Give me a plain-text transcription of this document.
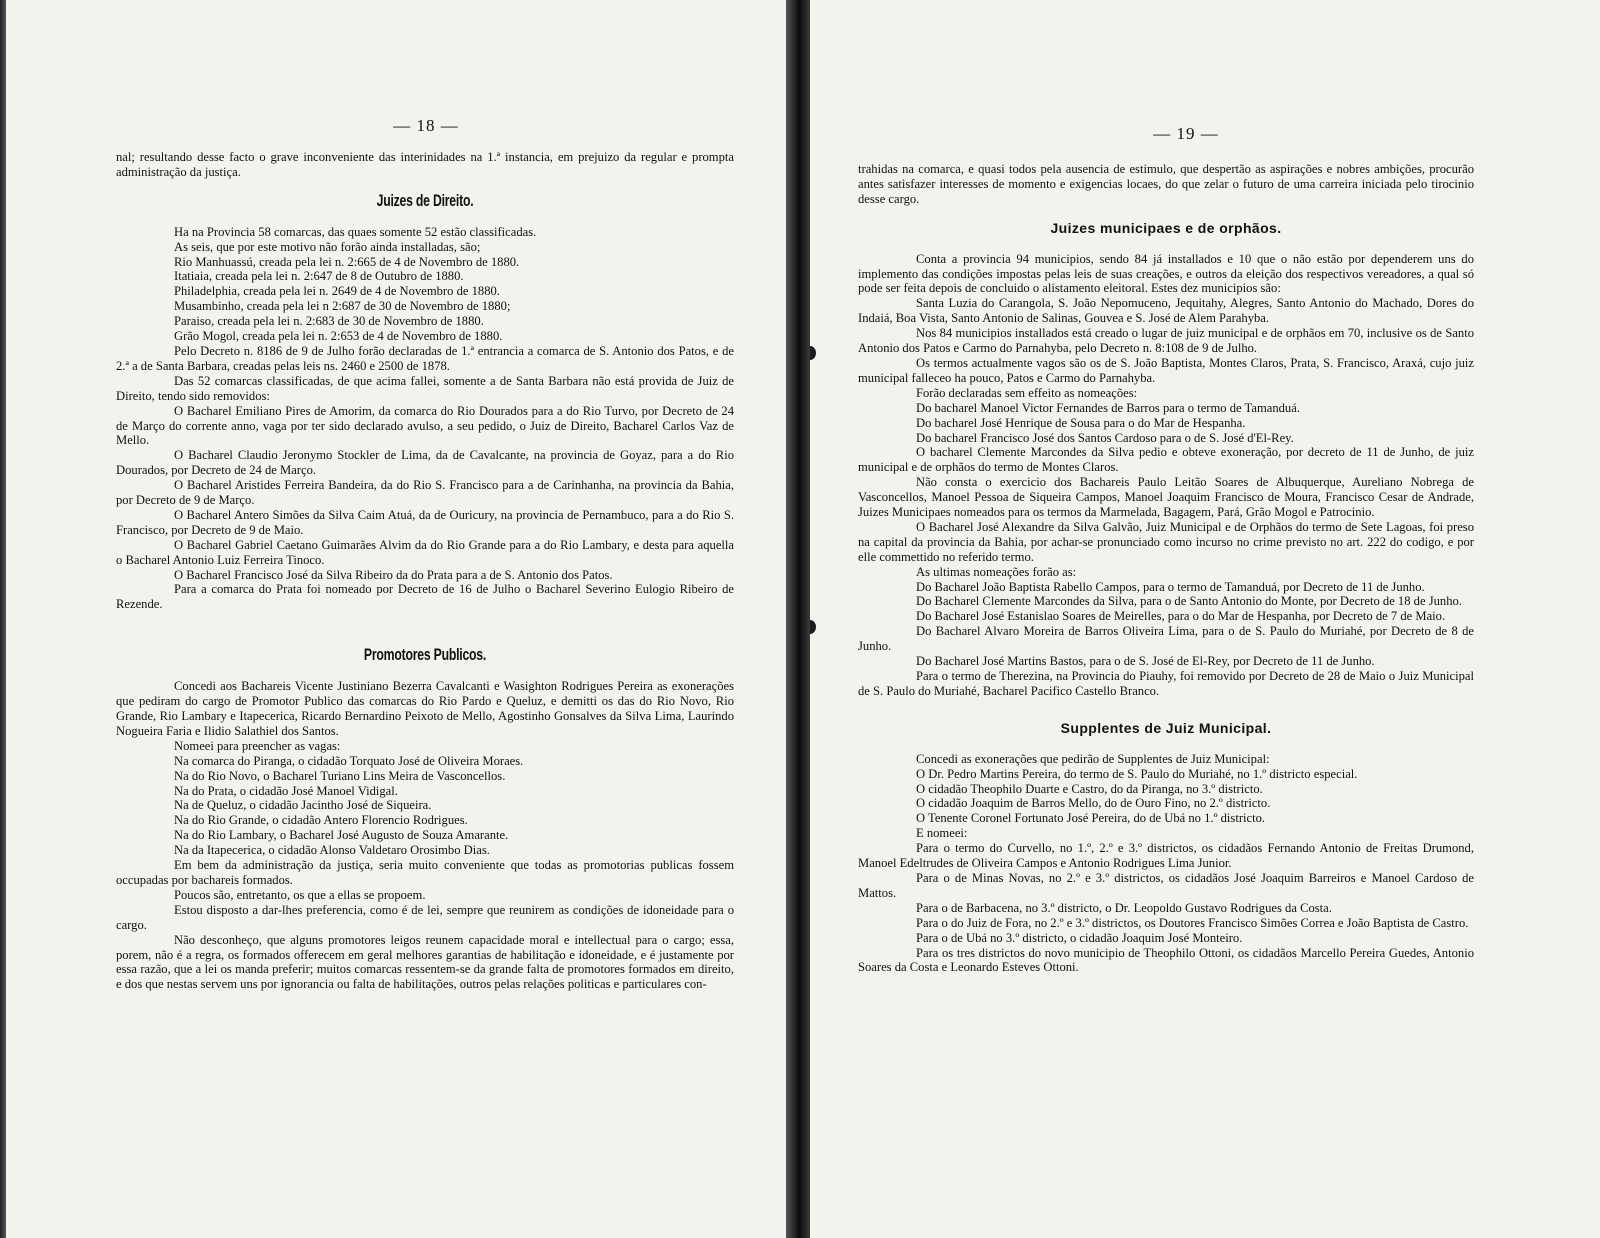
— 18 —

nal; resultando desse facto o grave inconveniente das interinidades na 1.ª instancia, em prejuizo da regular e prompta administração da justiça.

Juizes de Direito.

Ha na Provincia 58 comarcas, das quaes somente 52 estão classificadas.

As seis, que por este motivo não forão ainda installadas, são;

Rio Manhuassú, creada pela lei n. 2:665 de 4 de Novembro de 1880.

Itatiaia, creada pela lei n. 2:647 de 8 de Outubro de 1880.

Philadelphia, creada pela lei n. 2649 de 4 de Novembro de 1880.

Musambinho, creada pela lei n 2:687 de 30 de Novembro de 1880;

Paraiso, creada pela lei n. 2:683 de 30 de Novembro de 1880.

Grão Mogol, creada pela lei n. 2:653 de 4 de Novembro de 1880.

Pelo Decreto n. 8186 de 9 de Julho forão declaradas de 1.ª entrancia a comarca de S. Antonio dos Patos, e de 2.ª a de Santa Barbara, creadas pelas leis ns. 2460 e 2500 de 1878.

Das 52 comarcas classificadas, de que acima fallei, somente a de Santa Barbara não está provida de Juiz de Direito, tendo sido removidos:

O Bacharel Emiliano Pires de Amorim, da comarca do Rio Dourados para a do Rio Turvo, por Decreto de 24 de Março do corrente anno, vaga por ter sido declarado avulso, a seu pedido, o Juiz de Direito, Bacharel Carlos Vaz de Mello.

O Bacharel Claudio Jeronymo Stockler de Lima, da de Cavalcante, na provincia de Goyaz, para a do Rio Dourados, por Decreto de 24 de Março.

O Bacharel Aristides Ferreira Bandeira, da do Rio S. Francisco para a de Carinhanha, na provincia da Bahia, por Decreto de 9 de Março.

O Bacharel Antero Simões da Silva Caim Atuá, da de Ouricury, na provincia de Pernambuco, para a do Rio S. Francisco, por Decreto de 9 de Maio.

O Bacharel Gabriel Caetano Guimarães Alvim da do Rio Grande para a do Rio Lambary, e desta para aquella o Bacharel Antonio Luiz Ferreira Tinoco.

O Bacharel Francisco José da Silva Ribeiro da do Prata para a de S. Antonio dos Patos.

Para a comarca do Prata foi nomeado por Decreto de 16 de Julho o Bacharel Severino Eulogio Ribeiro de Rezende.

Promotores Publicos.

Concedi aos Bachareis Vicente Justiniano Bezerra Cavalcanti e Wasighton Rodrigues Pereira as exonerações que pediram do cargo de Promotor Publico das comarcas do Rio Pardo e Queluz, e demitti os das do Rio Novo, Rio Grande, Rio Lambary e Itapecerica, Ricardo Bernardino Peixoto de Mello, Agostinho Gonsalves da Silva Lima, Laurindo Nogueira Faria e Ilidio Salathiel dos Santos.

Nomeei para preencher as vagas:

Na comarca do Piranga, o cidadão Torquato José de Oliveira Moraes.

Na do Rio Novo, o Bacharel Turiano Lins Meira de Vasconcellos.

Na do Prata, o cidadão José Manoel Vidigal.

Na de Queluz, o cidadão Jacintho José de Siqueira.

Na do Rio Grande, o cidadão Antero Florencio Rodrigues.

Na do Rio Lambary, o Bacharel José Augusto de Souza Amarante.

Na da Itapecerica, o cidadão Alonso Valdetaro Orosimbo Dias.

Em bem da administração da justiça, seria muito conveniente que todas as promotorias publicas fossem occupadas por bachareis formados.

Poucos são, entretanto, os que a ellas se propoem.

Estou disposto a dar-lhes preferencia, como é de lei, sempre que reunirem as condições de idoneidade para o cargo.

Não desconheço, que alguns promotores leigos reunem capacidade moral e intellectual para o cargo; essa, porem, não é a regra, os formados offerecem em geral melhores garantias de habilitação e idoneidade, e é justamente por essa razão, que a lei os manda preferir; muitos comarcas ressentem-se da grande falta de promotores formados em direito, e dos que nestas servem uns por ignorancia ou falta de habilitações, outros pelas relações politicas e particulares con-

— 19 —

trahidas na comarca, e quasi todos pela ausencia de estimulo, que despertão as aspirações e nobres ambições, procurão antes satisfazer interesses de momento e exigencias locaes, do que zelar o futuro de uma carreira iniciada pelo tirocinio desse cargo.

Juizes municipaes e de orphãos.

Conta a provincia 94 municipios, sendo 84 já installados e 10 que o não estão por dependerem uns do implemento das condições impostas pelas leis de suas creações, e outros da eleição dos respectivos vereadores, a qual só pode ser feita depois de concluido o alistamento eleitoral. Estes dez municipios são:

Santa Luzia do Carangola, S. João Nepomuceno, Jequitahy, Alegres, Santo Antonio do Machado, Dores do Indaiá, Boa Vista, Santo Antonio de Salinas, Gouvea e S. José de Alem Parahyba.

Nos 84 municipios installados está creado o lugar de juiz municipal e de orphãos em 70, inclusive os de Santo Antonio dos Patos e Carmo do Parnahyba, pelo Decreto n. 8:108 de 9 de Julho.

Os termos actualmente vagos são os de S. João Baptista, Montes Claros, Prata, S. Francisco, Araxá, cujo juiz municipal falleceo ha pouco, Patos e Carmo do Parnahyba.

Forão declaradas sem effeito as nomeações:

Do bacharel Manoel Victor Fernandes de Barros para o termo de Tamanduá.

Do bacharel José Henrique de Sousa para o do Mar de Hespanha.

Do bacharel Francisco José dos Santos Cardoso para o de S. José d'El-Rey.

O bacharel Clemente Marcondes da Silva pedio e obteve exoneração, por decreto de 11 de Junho, de juiz municipal e de orphãos do termo de Montes Claros.

Não consta o exercicio dos Bachareis Paulo Leitão Soares de Albuquerque, Aureliano Nobrega de Vasconcellos, Manoel Pessoa de Siqueira Campos, Manoel Joaquim Francisco de Moura, Francisco Cesar de Andrade, Juizes Municipaes nomeados para os termos da Marmelada, Bagagem, Pará, Grão Mogol e Patrocinio.

O Bacharel José Alexandre da Silva Galvão, Juiz Municipal e de Orphãos do termo de Sete Lagoas, foi preso na capital da provincia da Bahia, por achar-se pronunciado como incurso no crime previsto no art. 222 do codigo, e por elle commettido no referido termo.

As ultimas nomeações forão as:

Do Bacharel João Baptista Rabello Campos, para o termo de Tamanduá, por Decreto de 11 de Junho.

Do Bacharel Clemente Marcondes da Silva, para o de Santo Antonio do Monte, por Decreto de 18 de Junho.

Do Bacharel José Estanislao Soares de Meirelles, para o do Mar de Hespanha, por Decreto de 7 de Maio.

Do Bacharel Alvaro Moreira de Barros Oliveira Lima, para o de S. Paulo do Muriahé, por Decreto de 8 de Junho.

Do Bacharel José Martins Bastos, para o de S. José de El-Rey, por Decreto de 11 de Junho.

Para o termo de Therezina, na Provincia do Piauhy, foi removido por Decreto de 28 de Maio o Juiz Municipal de S. Paulo do Muriahé, Bacharel Pacifico Castello Branco.

Supplentes de Juiz Municipal.

Concedi as exonerações que pedirão de Supplentes de Juiz Municipal:

O Dr. Pedro Martins Pereira, do termo de S. Paulo do Muriahé, no 1.º districto especial.

O cidadão Theophilo Duarte e Castro, do da Piranga, no 3.º districto.

O cidadão Joaquim de Barros Mello, do de Ouro Fino, no 2.º districto.

O Tenente Coronel Fortunato José Pereira, do de Ubá no 1.º districto.

E nomeei:

Para o termo do Curvello, no 1.º, 2.º e 3.º districtos, os cidadãos Fernando Antonio de Freitas Drumond, Manoel Edeltrudes de Oliveira Campos e Antonio Rodrigues Lima Junior.

Para o de Minas Novas, no 2.º e 3.º districtos, os cidadãos José Joaquim Barreiros e Manoel Cardoso de Mattos.

Para o de Barbacena, no 3.º districto, o Dr. Leopoldo Gustavo Rodrigues da Costa.

Para o do Juiz de Fora, no 2.º e 3.º districtos, os Doutores Francisco Simões Correa e João Baptista de Castro.

Para o de Ubá no 3.º districto, o cidadão Joaquim José Monteiro.

Para os tres districtos do novo municipio de Theophilo Ottoni, os cidadãos Marcello Pereira Guedes, Antonio Soares da Costa e Leonardo Esteves Ottoni.
